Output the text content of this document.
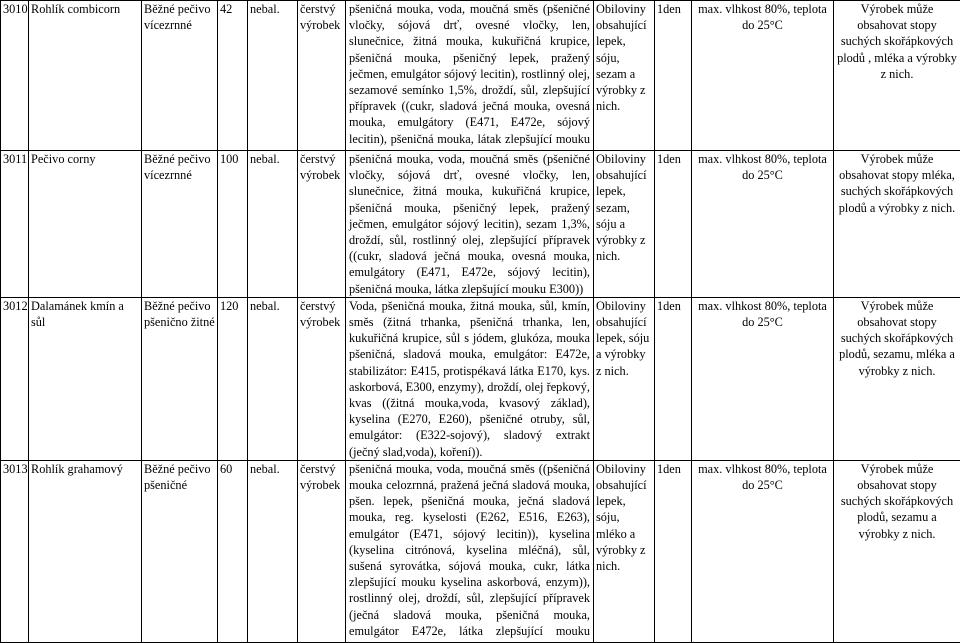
3010	Rohlík combicorn	Běžné pečivo vícezrnné	42	nebal.	čerstvý výrobek	pšeničná mouka, voda, moučná směs (pšeničné vločky, sójová drť, ovesné vločky, len, slunečnice, žitná mouka, kukuřičná krupice, pšeničná mouka, pšeničný lepek, pražený ječmen, emulgátor sójový lecitin), rostlinný olej, sezamové semínko 1,5%, droždí, sůl, zlepšující přípravek ((cukr, sladová ječná mouka, ovesná mouka, emulgátory (E471, E472e, sójový lecitin), pšeničná mouka, látak zlepšující mouku	Obiloviny obsahující lepek, sóju, sezam a výrobky z nich.	1den	max. vlhkost 80%, teplota do 25°C	Výrobek může obsahovat stopy suchých skořápkových plodů , mléka a výrobky z nich.
3011	Pečivo corny	Běžné pečivo vícezrnné	100	nebal.	čerstvý výrobek	pšeničná mouka, voda, moučná směs (pšeničné vločky, sójová drť, ovesné vločky, len, slunečnice, žitná mouka, kukuřičná krupice, pšeničná mouka, pšeničný lepek, pražený ječmen, emulgátor sójový lecitin), sezam 1,3%, droždí, sůl, rostlinný olej, zlepšující přípravek ((cukr, sladová ječná mouka, ovesná mouka, emulgátory (E471, E472e, sójový lecitin), pšeničná mouka, látka zlepšující mouku E300))	Obiloviny obsahující lepek, sezam, sóju a výrobky z nich.	1den	max. vlhkost 80%, teplota do 25°C	Výrobek může obsahovat stopy mléka, suchých skořápkových plodů a výrobky z nich.
3012	Dalamánek kmín a sůl	Běžné pečivo pšenično žitné	120	nebal.	čerstvý výrobek	Voda, pšeničná mouka, žitná mouka, sůl, kmín, směs (žitná trhanka, pšeničná trhanka, len, kukuřičná krupice, sůl s jódem, glukóza, mouka pšeničná, sladová mouka, emulgátor: E472e, stabilizátor: E415, protispékavá látka E170, kys. askorbová, E300, enzymy), droždí, olej řepkový, kvas ((žitná mouka,voda, kvasový základ), kyselina (E270, E260), pšeničné otruby, sůl, emulgátor: (E322-sojový), sladový extrakt (ječný slad,voda), koření)).	Obiloviny obsahující lepek, sóju a výrobky z nich.	1den	max. vlhkost 80%, teplota do 25°C	Výrobek může obsahovat stopy suchých skořápkových plodů, sezamu, mléka a výrobky z nich.
3013	Rohlík grahamový	Běžné pečivo pšeničné	60	nebal.	čerstvý výrobek	pšeničná mouka, voda, moučná směs ((pšeničná mouka celozrnná, pražená ječná sladová mouka, pšen. lepek, pšeničná mouka, ječná sladová mouka, reg. kyselosti (E262, E516, E263), emulgátor (E471, sójový lecitin)), kyselina (kyselina citrónová, kyselina mléčná), sůl, sušená syrovátka, sójová mouka, cukr, látka zlepšující mouku kyselina askorbová, enzym)), rostlinný olej, droždí, sůl, zlepšující přípravek (ječná sladová mouka, pšeničná mouka, emulgátor E472e, látka zlepšující mouku	Obiloviny obsahující lepek, sóju, mléko a výrobky z nich.	1den	max. vlhkost 80%, teplota do 25°C	Výrobek může obsahovat stopy suchých skořápkových plodů, sezamu a výrobky z nich.
